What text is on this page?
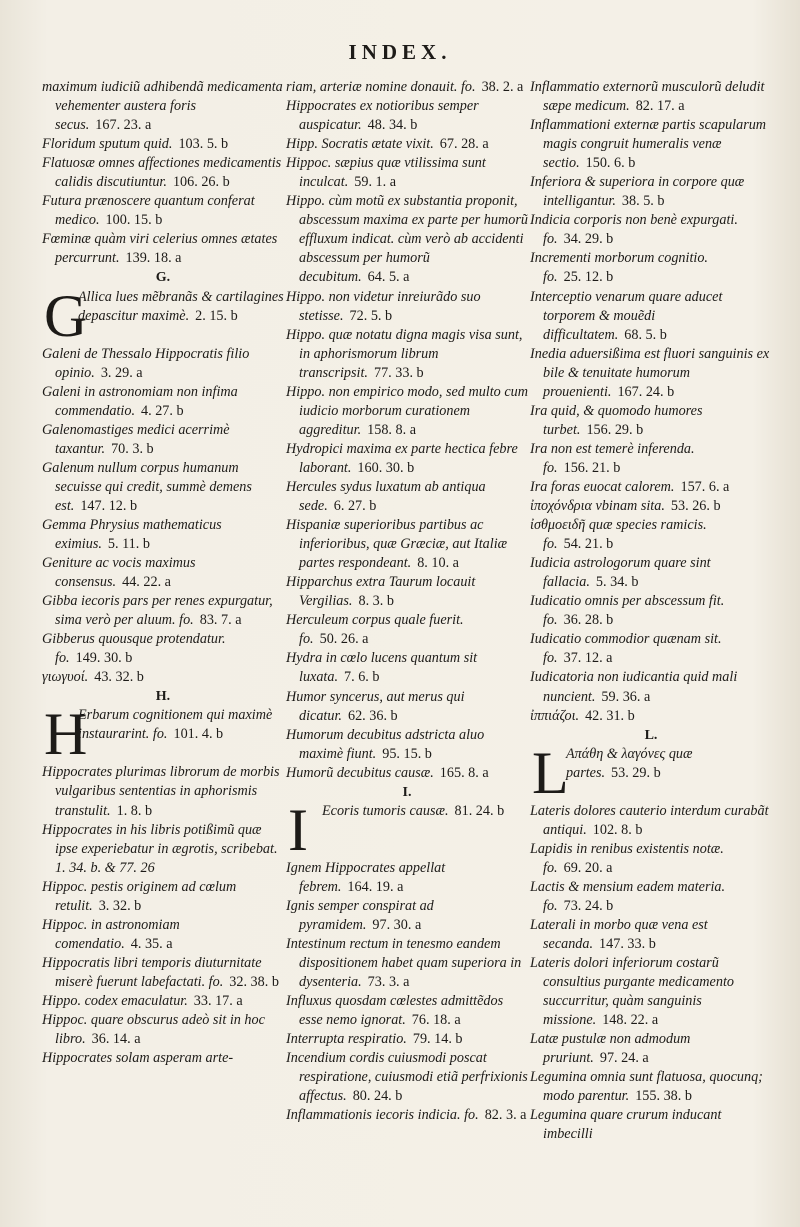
INDEX.

maximum iudiciũ adhibendã medicamenta vehementer austera foris secus. 167. 23. a

Floridum sputum quid. 103. 5. b

Flatuosæ omnes affectiones medicamentis calidis discutiuntur. 106. 26. b

Futura prænoscere quantum conferat medico. 100. 15. b

Fœminæ quàm viri celerius omnes ætates percurrunt. 139. 18. a

G.

G
Allica lues mẽbranãs & cartilagines depascitur maximè. 2. 15. b

Galeni de Thessalo Hippocratis filio opinio. 3. 29. a

Galeni in astronomiam non infima commendatio. 4. 27. b

Galenomastiges medici acerrimè taxantur. 70. 3. b

Galenum nullum corpus humanum secuisse qui credit, summè demens est. 147. 12. b

Gemma Phrysius mathematicus eximius. 5. 11. b

Geniture ac vocis maximus consensus. 44. 22. a

Gibba iecoris pars per renes expurgatur, sima verò per aluum. fo. 83. 7. a

Gibberus quousque protendatur. fo. 149. 30. b

γιωγυοί. 43. 32. b

H.

H
Erbarum cognitionem qui maximè instaurarint. fo. 101. 4. b

Hippocrates plurimas librorum de morbis vulgaribus sententias in aphorismis transtulit. 1. 8. b

Hippocrates in his libris potißimũ quæ ipse experiebatur in ægrotis, scribebat. 1. 34. b. & 77. 26

Hippoc. pestis originem ad cœlum retulit. 3. 32. b

Hippoc. in astronomiam comendatio. 4. 35. a

Hippocratis libri temporis diuturnitate miserè fuerunt labefactati. fo. 32. 38. b

Hippo. codex emaculatur. 33. 17. a

Hippoc. quare obscurus adeò sit in hoc libro. 36. 14. a

Hippocrates solam asperam arte-

riam, arteriæ nomine donauit. fo. 38. 2. a

Hippocrates ex notioribus semper auspicatur. 48. 34. b

Hipp. Socratis ætate vixit. 67. 28. a

Hippoc. sæpius quæ vtilissima sunt inculcat. 59. 1. a

Hippo. cùm motũ ex substantia proponit, abscessum maxima ex parte per humorũ effluxum indicat. cùm verò ab accidenti abscessum per humorũ decubitum. 64. 5. a

Hippo. non videtur inreiurãdo suo stetisse. 72. 5. b

Hippo. quæ notatu digna magis visa sunt, in aphorismorum librum transcripsit. 77. 33. b

Hippo. non empirico modo, sed multo cum iudicio morborum curationem aggreditur. 158. 8. a

Hydropici maxima ex parte hectica febre laborant. 160. 30. b

Hercules sydus luxatum ab antiqua sede. 6. 27. b

Hispaniæ superioribus partibus ac inferioribus, quæ Græciæ, aut Italiæ partes respondeant. 8. 10. a

Hipparchus extra Taurum locauit Vergilias. 8. 3. b

Herculeum corpus quale fuerit. fo. 50. 26. a

Hydra in cœlo lucens quantum sit luxata. 7. 6. b

Humor syncerus, aut merus qui dicatur. 62. 36. b

Humorum decubitus adstricta aluo maximè fiunt. 95. 15. b

Humorũ decubitus causæ. 165. 8. a

I.

I Ecoris tumoris causæ. 81. 24. b

Ignem Hippocrates appellat febrem. 164. 19. a

Ignis semper conspirat ad pyramidem. 97. 30. a

Intestinum rectum in tenesmo eandem dispositionem habet quam superiora in dysenteria. 73. 3. a

Influxus quosdam cœlestes admittẽdos esse nemo ignorat. 76. 18. a

Interrupta respiratio. 79. 14. b

Incendium cordis cuiusmodi poscat respiratione, cuiusmodi etiã perfrixionis affectus. 80. 24. b

Inflammationis iecoris indicia. fo. 82. 3. a

Inflammatio externorũ musculorũ deludit sæpe medicum. 82. 17. a

Inflammationi externæ partis scapularum magis congruit humeralis venæ sectio. 150. 6. b

Inferiora & superiora in corpore quæ intelligantur. 38. 5. b

Indicia corporis non benè expurgati. fo. 34. 29. b

Incrementi morborum cognitio. fo. 25. 12. b

Interceptio venarum quare aducet torporem & mouẽdi difficultatem. 68. 5. b

Inedia aduersißima est fluori sanguinis ex bile & tenuitate humorum prouenienti. 167. 24. b

Ira quid, & quomodo humores turbet. 156. 29. b

Ira non est temerè inferenda. fo. 156. 21. b

Ira foras euocat calorem. 157. 6. a

ἰποχόνδρια vbinam sita. 53. 26. b

ἰσθμοειδῆ quæ species ramicis. fo. 54. 21. b

Iudicia astrologorum quare sint fallacia. 5. 34. b

Iudicatio omnis per abscessum fit. fo. 36. 28. b

Iudicatio commodior quænam sit. fo. 37. 12. a

Iudicatoria non iudicantia quid mali nuncient. 59. 36. a

ἰππιάζοι. 42. 31. b

L.

L
Απάθη & λαγόνες quæ partes. 53. 29. b

Lateris dolores cauterio interdum curabãt antiqui. 102. 8. b

Lapidis in renibus existentis notæ. fo. 69. 20. a

Lactis & mensium eadem materia. fo. 73. 24. b

Laterali in morbo quæ vena est secanda. 147. 33. b

Lateris dolori inferiorum costarũ consultius purgante medicamento succurritur, quàm sanguinis missione. 148. 22. a

Latæ pustulæ non admodum pruriunt. 97. 24. a

Legumina omnia sunt flatuosa, quocunq; modo parentur. 155. 38. b

Legumina quare crurum inducant imbecilli
